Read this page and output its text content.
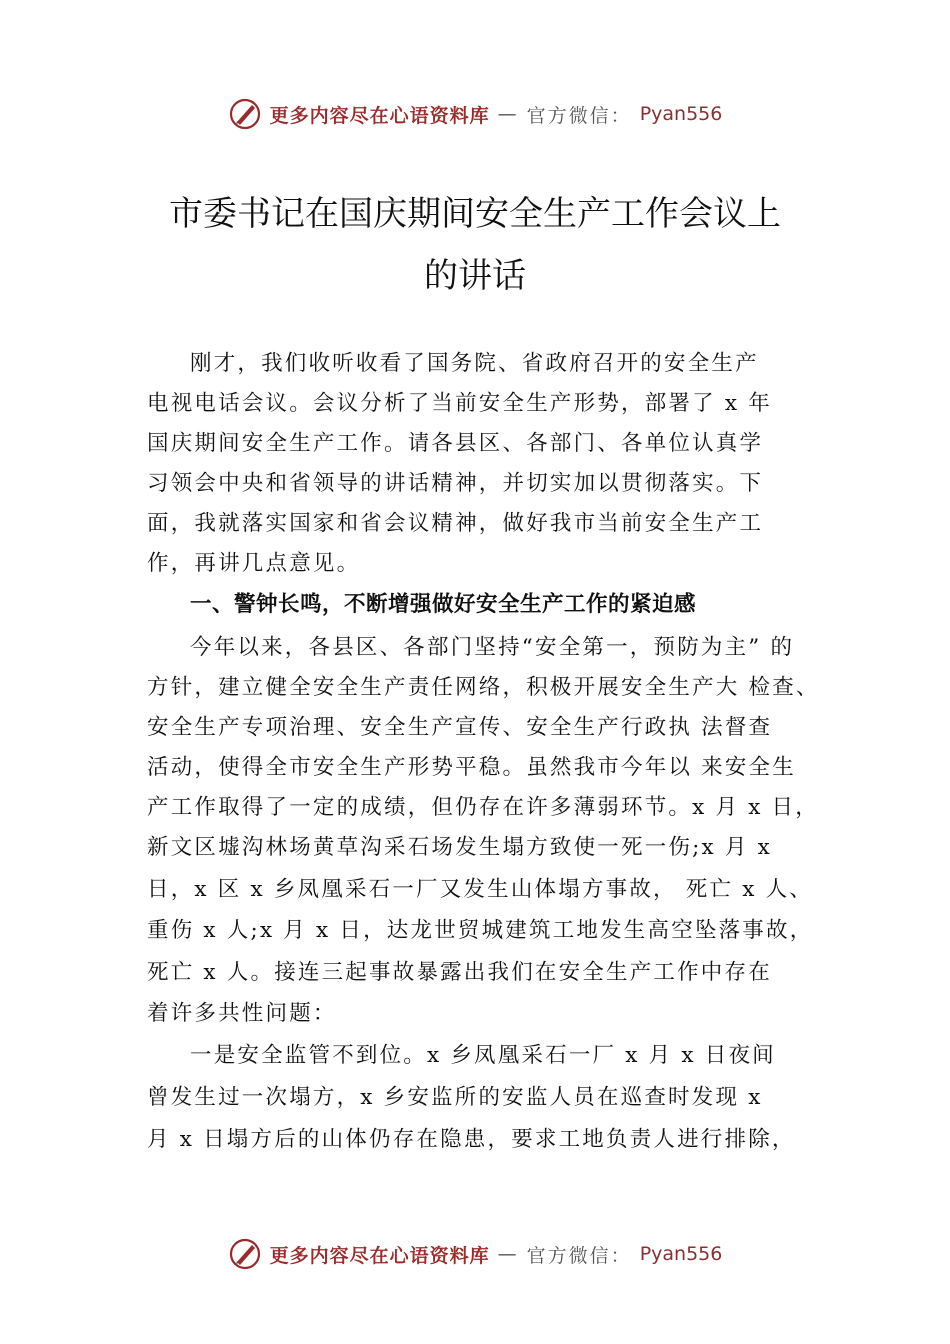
更多内容尽在心语资料库 — 官方微信： Pyan556
市委书记在国庆期间安全生产工作会议上
的讲话
刚才，我们收听收看了国务院、省政府召开的安全生产
电视电话会议。会议分析了当前安全生产形势，部署了 x 年
国庆期间安全生产工作。请各县区、各部门、各单位认真学
习领会中央和省领导的讲话精神，并切实加以贯彻落实。下
面，我就落实国家和省会议精神，做好我市当前安全生产工
作，再讲几点意见。
一、警钟长鸣，不断增强做好安全生产工作的紧迫感
今年以来，各县区、各部门坚持“安全第一，预防为主” 的
方针，建立健全安全生产责任网络，积极开展安全生产大 检查、
安全生产专项治理、安全生产宣传、安全生产行政执 法督查
活动，使得全市安全生产形势平稳。虽然我市今年以 来安全生
产工作取得了一定的成绩，但仍存在许多薄弱环节。x 月 x 日，
新文区墟沟林场黄草沟采石场发生塌方致使一死一伤;x 月 x
日，x 区 x 乡凤凰采石一厂又发生山体塌方事故， 死亡 x 人、
重伤 x 人;x 月 x 日，达龙世贸城建筑工地发生高空坠落事故，
死亡 x 人。接连三起事故暴露出我们在安全生产工作中存在
着许多共性问题：
一是安全监管不到位。x 乡凤凰采石一厂 x 月 x 日夜间
曾发生过一次塌方，x 乡安监所的安监人员在巡查时发现 x
月 x 日塌方后的山体仍存在隐患，要求工地负责人进行排除，
更多内容尽在心语资料库 — 官方微信： Pyan556
